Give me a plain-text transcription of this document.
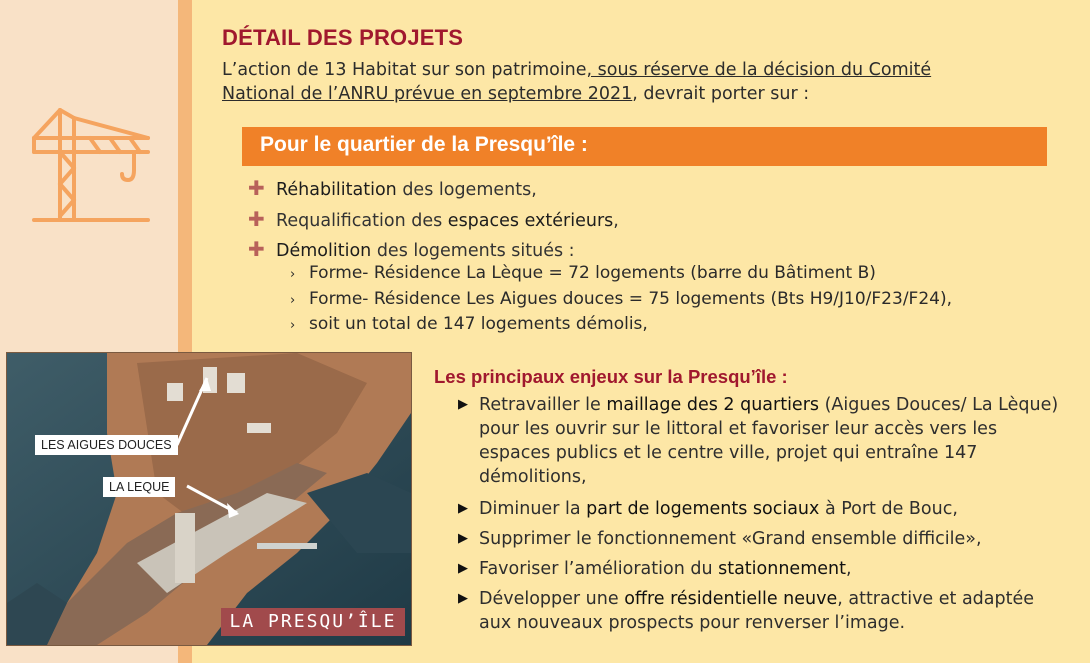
DÉTAIL DES PROJETS
L’action de 13 Habitat sur son patrimoine, sous réserve de la décision du Comité
National de l’ANRU prévue en septembre 2021, devrait porter sur :
Pour le quartier de la Presqu’île :
✚ Réhabilitation des logements,
✚ Requalification des espaces extérieurs,
✚ Démolition des logements situés :
› Forme- Résidence La Lèque = 72 logements (barre du Bâtiment B)
› Forme- Résidence Les Aigues douces = 75 logements (Bts H9/J10/F23/F24),
› soit un total de 147 logements démolis,
LES AIGUES DOUCES
LA LEQUE
LA PRESQU’ÎLE
Les principaux enjeux sur la Presqu’île :
▶ Retravailler le maillage des 2 quartiers (Aigues Douces/ La Lèque) pour les ouvrir sur le littoral et favoriser leur accès vers les espaces publics et le centre ville, projet qui entraîne 147 démolitions,
▶ Diminuer la part de logements sociaux à Port de Bouc,
▶ Supprimer le fonctionnement «Grand ensemble difficile»,
▶ Favoriser l’amélioration du stationnement,
▶ Développer une offre résidentielle neuve, attractive et adaptée aux nouveaux prospects pour renverser l’image.
